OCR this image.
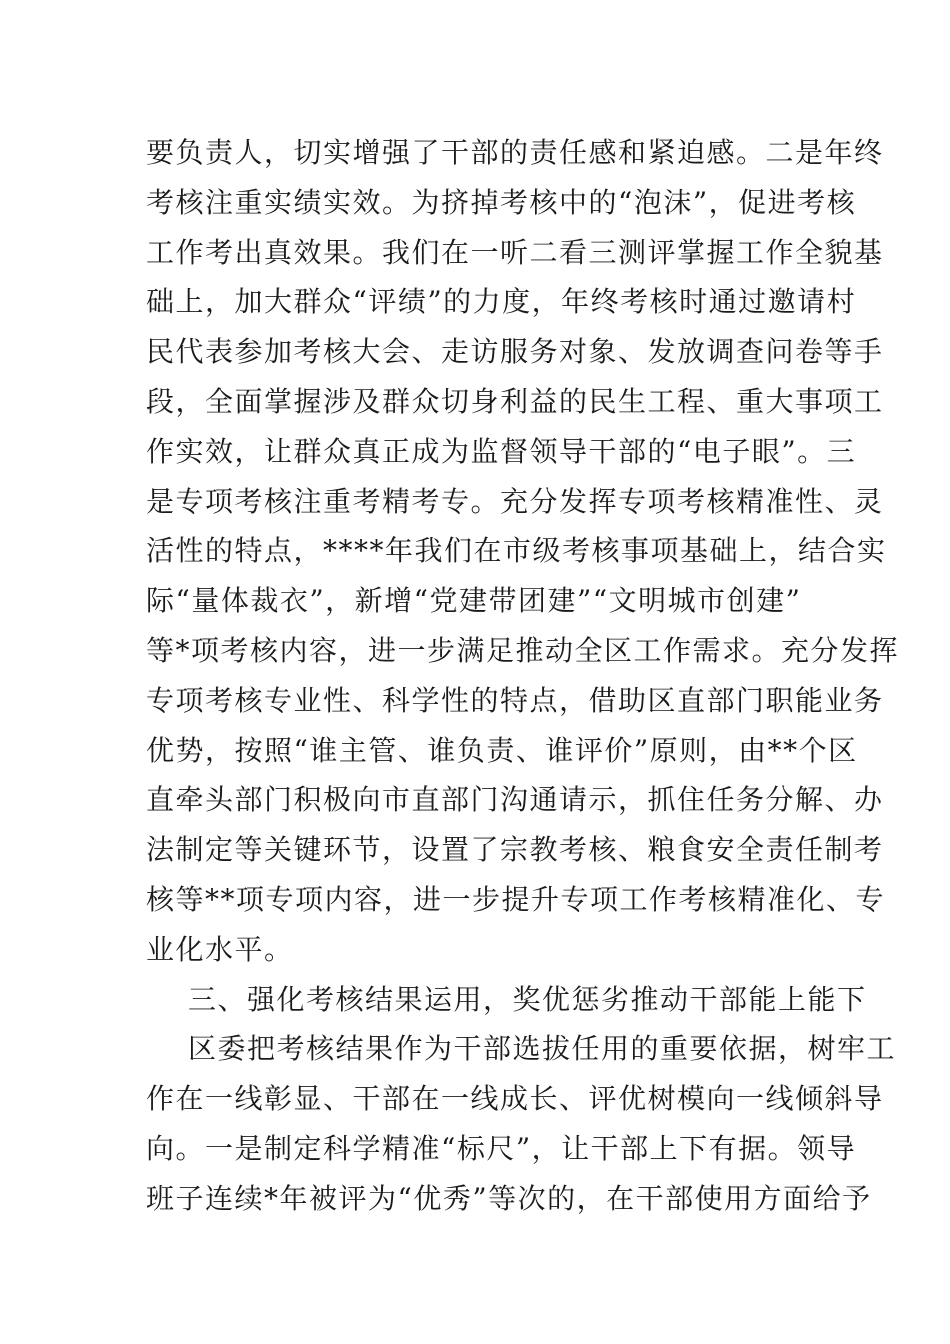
要负责人，切实增强了干部的责任感和紧迫感。二是年终
考核注重实绩实效。为挤掉考核中的“泡沫”，促进考核
工作考出真效果。我们在一听二看三测评掌握工作全貌基
础上，加大群众“评绩”的力度，年终考核时通过邀请村
民代表参加考核大会、走访服务对象、发放调查问卷等手
段，全面掌握涉及群众切身利益的民生工程、重大事项工
作实效，让群众真正成为监督领导干部的“电子眼”。三
是专项考核注重考精考专。充分发挥专项考核精准性、灵
活性的特点，****年我们在市级考核事项基础上，结合实
际“量体裁衣”，新增“党建带团建”“文明城市创建”
等*项考核内容，进一步满足推动全区工作需求。充分发挥
专项考核专业性、科学性的特点，借助区直部门职能业务
优势，按照“谁主管、谁负责、谁评价”原则，由**个区
直牵头部门积极向市直部门沟通请示，抓住任务分解、办
法制定等关键环节，设置了宗教考核、粮食安全责任制考
核等**项专项内容，进一步提升专项工作考核精准化、专
业化水平。
三、强化考核结果运用，奖优惩劣推动干部能上能下
区委把考核结果作为干部选拔任用的重要依据，树牢工
作在一线彰显、干部在一线成长、评优树模向一线倾斜导
向。一是制定科学精准“标尺”，让干部上下有据。领导
班子连续*年被评为“优秀”等次的，在干部使用方面给予
